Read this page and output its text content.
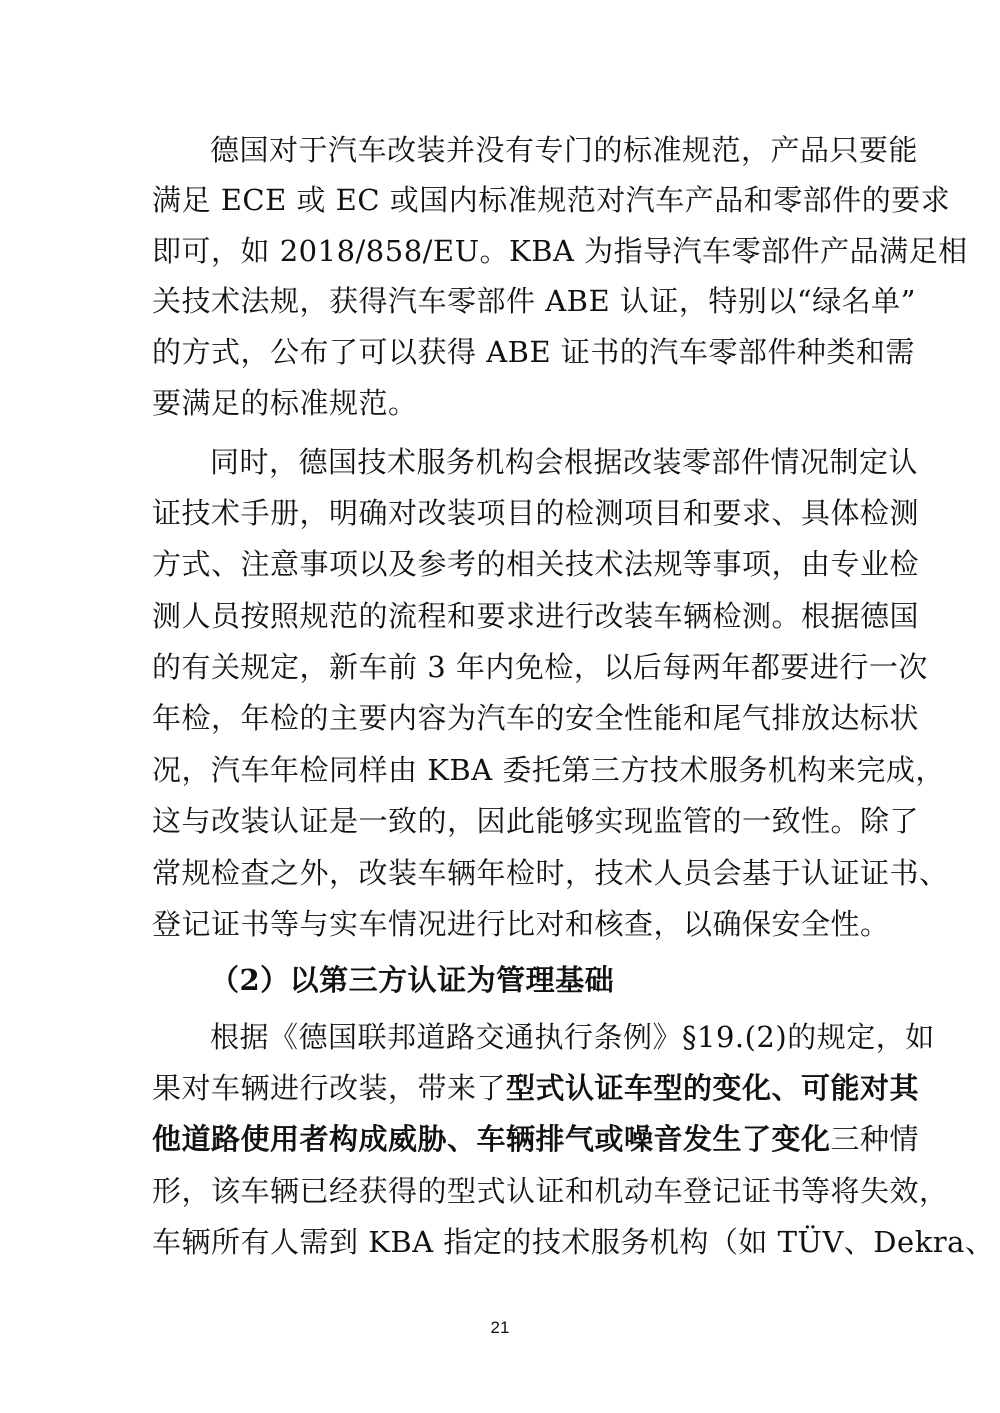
德国对于汽车改装并没有专门的标准规范，产品只要能
满足 ECE 或 EC 或国内标准规范对汽车产品和零部件的要求
即可，如 2018/858/EU。KBA 为指导汽车零部件产品满足相
关技术法规，获得汽车零部件 ABE 认证，特别以“绿名单”
的方式，公布了可以获得 ABE 证书的汽车零部件种类和需
要满足的标准规范。
同时，德国技术服务机构会根据改装零部件情况制定认
证技术手册，明确对改装项目的检测项目和要求、具体检测
方式、注意事项以及参考的相关技术法规等事项，由专业检
测人员按照规范的流程和要求进行改装车辆检测。根据德国
的有关规定，新车前 3 年内免检，以后每两年都要进行一次
年检，年检的主要内容为汽车的安全性能和尾气排放达标状
况，汽车年检同样由 KBA 委托第三方技术服务机构来完成，
这与改装认证是一致的，因此能够实现监管的一致性。除了
常规检查之外，改装车辆年检时，技术人员会基于认证证书、
登记证书等与实车情况进行比对和核查，以确保安全性。
（2）以第三方认证为管理基础
根据《德国联邦道路交通执行条例》§19.(2)的规定，如
果对车辆进行改装，带来了型式认证车型的变化、可能对其
他道路使用者构成威胁、车辆排气或噪音发生了变化三种情
形，该车辆已经获得的型式认证和机动车登记证书等将失效，
车辆所有人需到 KBA 指定的技术服务机构（如 TÜV、Dekra、
21
